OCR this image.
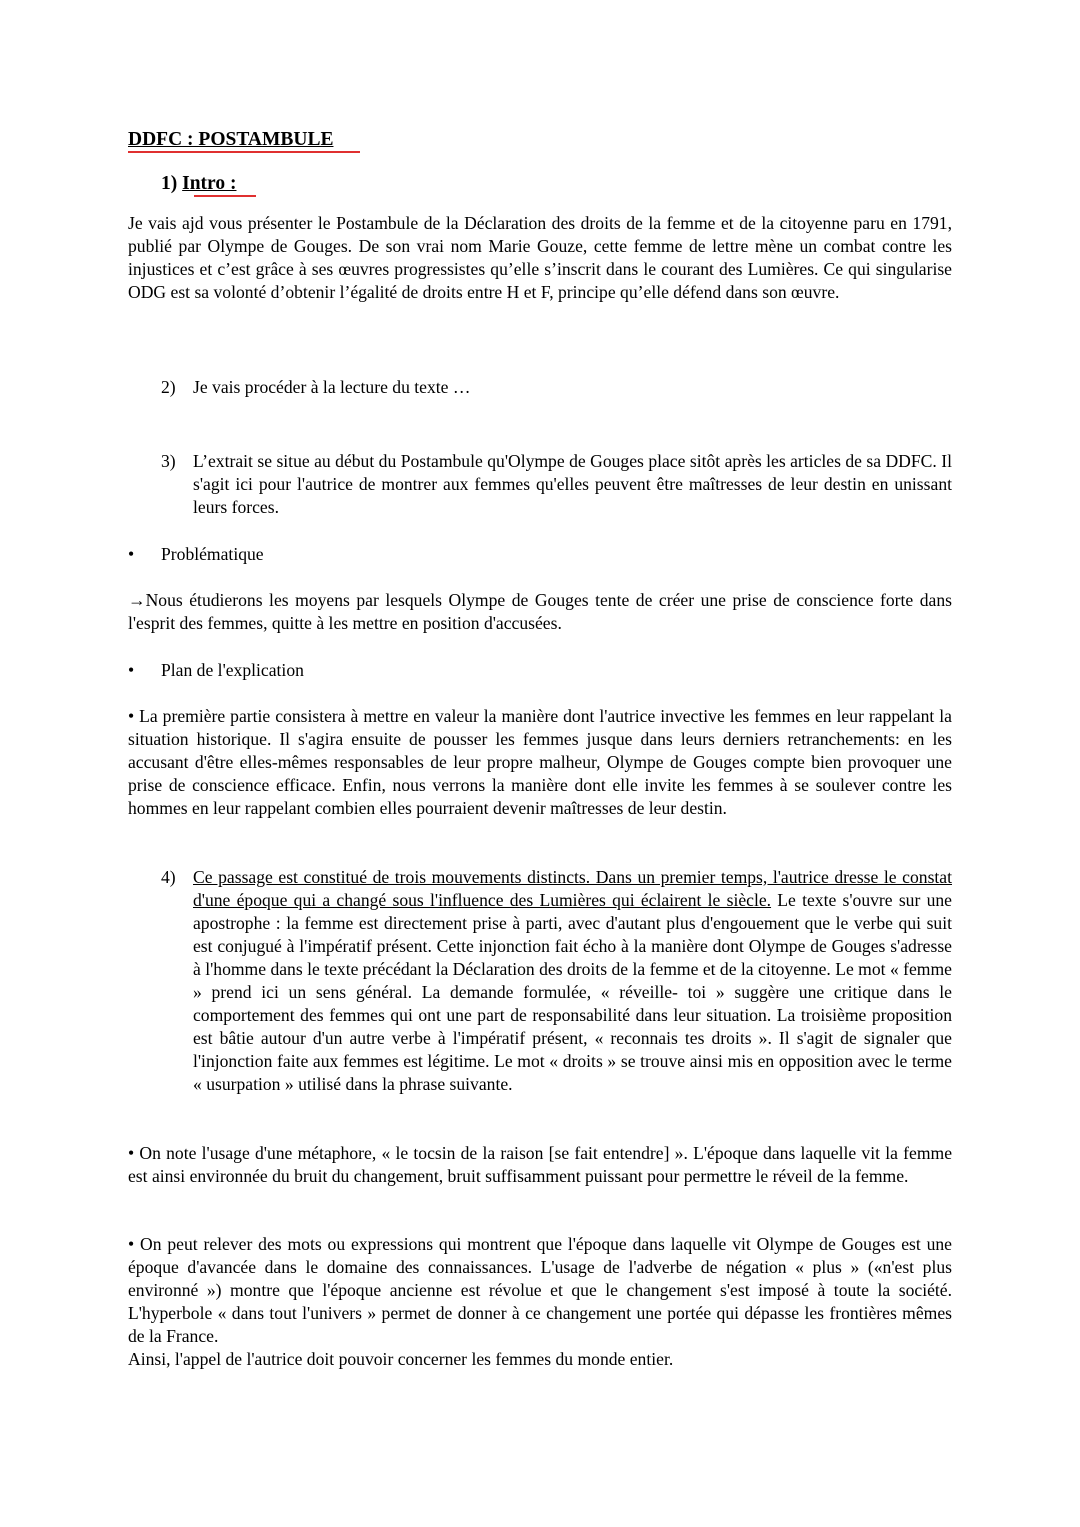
DDFC : POSTAMBULE
1) Intro :

Je vais ajd vous présenter le Postambule de la Déclaration des droits de la femme et de la citoyenne paru en 1791, publié par Olympe de Gouges. De son vrai nom Marie Gouze, cette femme de lettre mène un combat contre les injustices et c’est grâce à ses œuvres progressistes qu’elle s’inscrit dans le courant des Lumières. Ce qui singularise ODG est sa volonté d’obtenir l’égalité de droits entre H et F, principe qu’elle défend dans son œuvre.

2) Je vais procéder à la lecture du texte …

3) L’extrait se situe au début du Postambule qu'Olympe de Gouges place sitôt après les articles de sa DDFC. Il s'agit ici pour l'autrice de montrer aux femmes qu'elles peuvent être maîtresses de leur destin en unissant leurs forces.

• Problématique

→Nous étudierons les moyens par lesquels Olympe de Gouges tente de créer une prise de conscience forte dans l'esprit des femmes, quitte à les mettre en position d'accusées.

• Plan de l'explication

• La première partie consistera à mettre en valeur la manière dont l'autrice invective les femmes en leur rappelant la situation historique. Il s'agira ensuite de pousser les femmes jusque dans leurs derniers retranchements: en les accusant d'être elles-mêmes responsables de leur propre malheur, Olympe de Gouges compte bien provoquer une prise de conscience efficace. Enfin, nous verrons la manière dont elle invite les femmes à se soulever contre les hommes en leur rappelant combien elles pourraient devenir maîtresses de leur destin.

4) Ce passage est constitué de trois mouvements distincts. Dans un premier temps, l'autrice dresse le constat d'une époque qui a changé sous l'influence des Lumières qui éclairent le siècle. Le texte s'ouvre sur une apostrophe : la femme est directement prise à parti, avec d'autant plus d'engouement que le verbe qui suit est conjugué à l'impératif présent. Cette injonction fait écho à la manière dont Olympe de Gouges s'adresse à l'homme dans le texte précédant la Déclaration des droits de la femme et de la citoyenne. Le mot « femme » prend ici un sens général. La demande formulée, « réveille- toi » suggère une critique dans le comportement des femmes qui ont une part de responsabilité dans leur situation. La troisième proposition est bâtie autour d'un autre verbe à l'impératif présent, « reconnais tes droits ». Il s'agit de signaler que l'injonction faite aux femmes est légitime. Le mot « droits » se trouve ainsi mis en opposition avec le terme « usurpation » utilisé dans la phrase suivante.

• On note l'usage d'une métaphore, « le tocsin de la raison [se fait entendre] ». L'époque dans laquelle vit la femme est ainsi environnée du bruit du changement, bruit suffisamment puissant pour permettre le réveil de la femme.

• On peut relever des mots ou expressions qui montrent que l'époque dans laquelle vit Olympe de Gouges est une époque d'avancée dans le domaine des connaissances. L'usage de l'adverbe de négation « plus » («n'est plus environné ») montre que l'époque ancienne est révolue et que le changement s'est imposé à toute la société. L'hyperbole « dans tout l'univers » permet de donner à ce changement une portée qui dépasse les frontières mêmes de la France.

Ainsi, l'appel de l'autrice doit pouvoir concerner les femmes du monde entier.
